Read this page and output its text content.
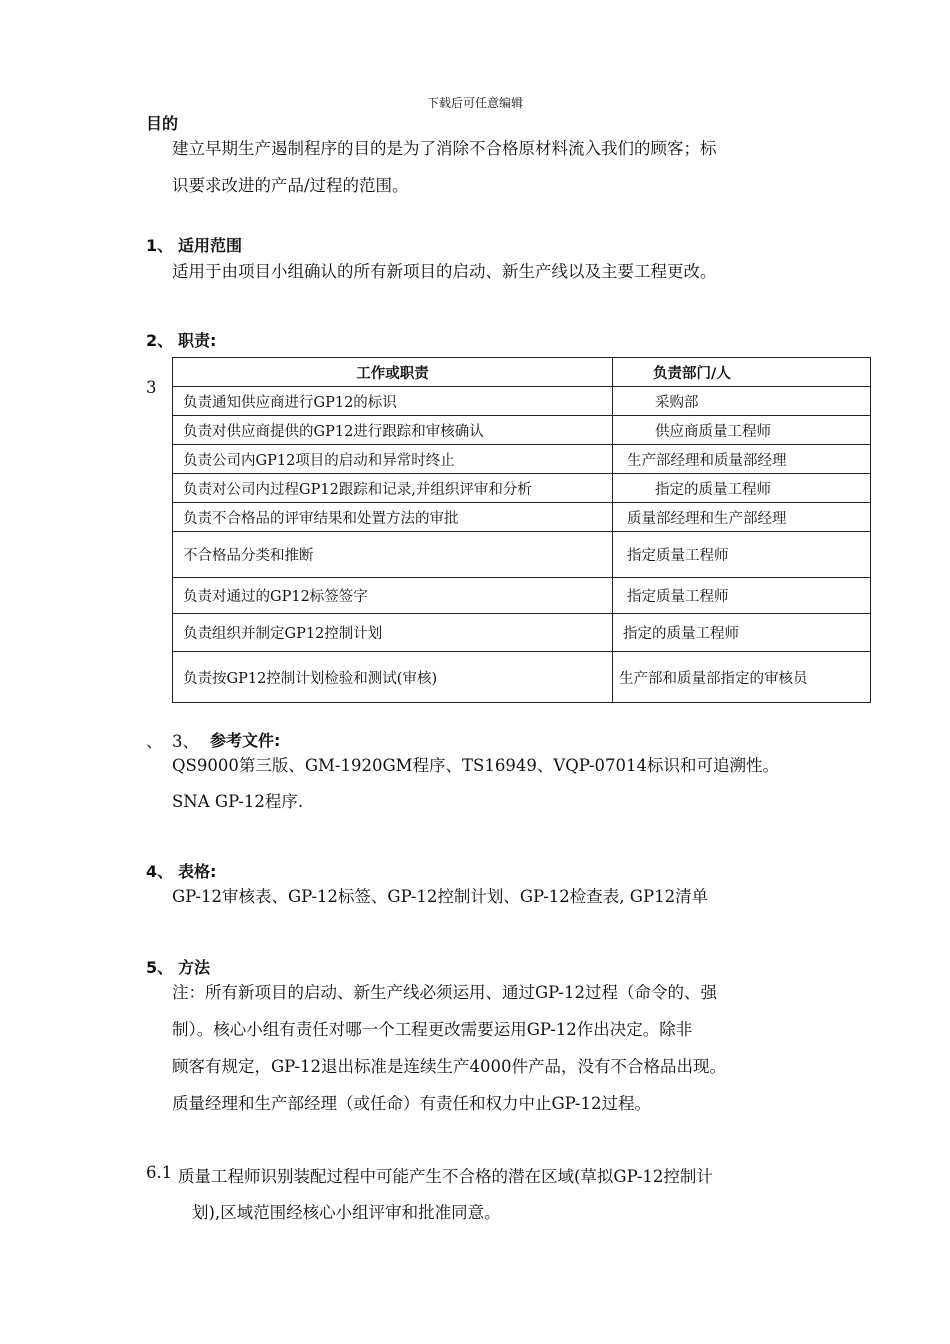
下载后可任意编辑
目的
建立早期生产遏制程序的目的是为了消除不合格原材料流入我们的顾客；标
识要求改进的产品/过程的范围。
1、 适用范围
适用于由项目小组确认的所有新项目的启动、新生产线以及主要工程更改。
2、 职责:
3
工作或职责	负责部门/人
负责通知供应商进行GP12的标识	采购部
负责对供应商提供的GP12进行跟踪和审核确认	供应商质量工程师
负责公司内GP12项目的启动和异常时终止	生产部经理和质量部经理
负责对公司内过程GP12跟踪和记录,并组织评审和分析	指定的质量工程师
负责不合格品的评审结果和处置方法的审批	质量部经理和生产部经理
不合格品分类和推断	指定质量工程师
负责对通过的GP12标签签字	指定质量工程师
负责组织并制定GP12控制计划	指定的质量工程师
负责按GP12控制计划检验和测试(审核)	生产部和质量部指定的审核员
、 3、 参考文件:
QS9000第三版、GM-1920GM程序、TS16949、VQP-07014标识和可追溯性。
SNA GP-12程序.
4、 表格:
GP-12审核表、GP-12标签、GP-12控制计划、GP-12检查表, GP12清单
5、 方法
注：所有新项目的启动、新生产线必须运用、通过GP-12过程（命令的、强
制）。核心小组有责任对哪一个工程更改需要运用GP-12作出决定。除非
顾客有规定，GP-12退出标准是连续生产4000件产品，没有不合格品出现。
质量经理和生产部经理（或任命）有责任和权力中止GP-12过程。
6.1 质量工程师识别装配过程中可能产生不合格的潜在区域(草拟GP-12控制计
划),区域范围经核心小组评审和批准同意。
